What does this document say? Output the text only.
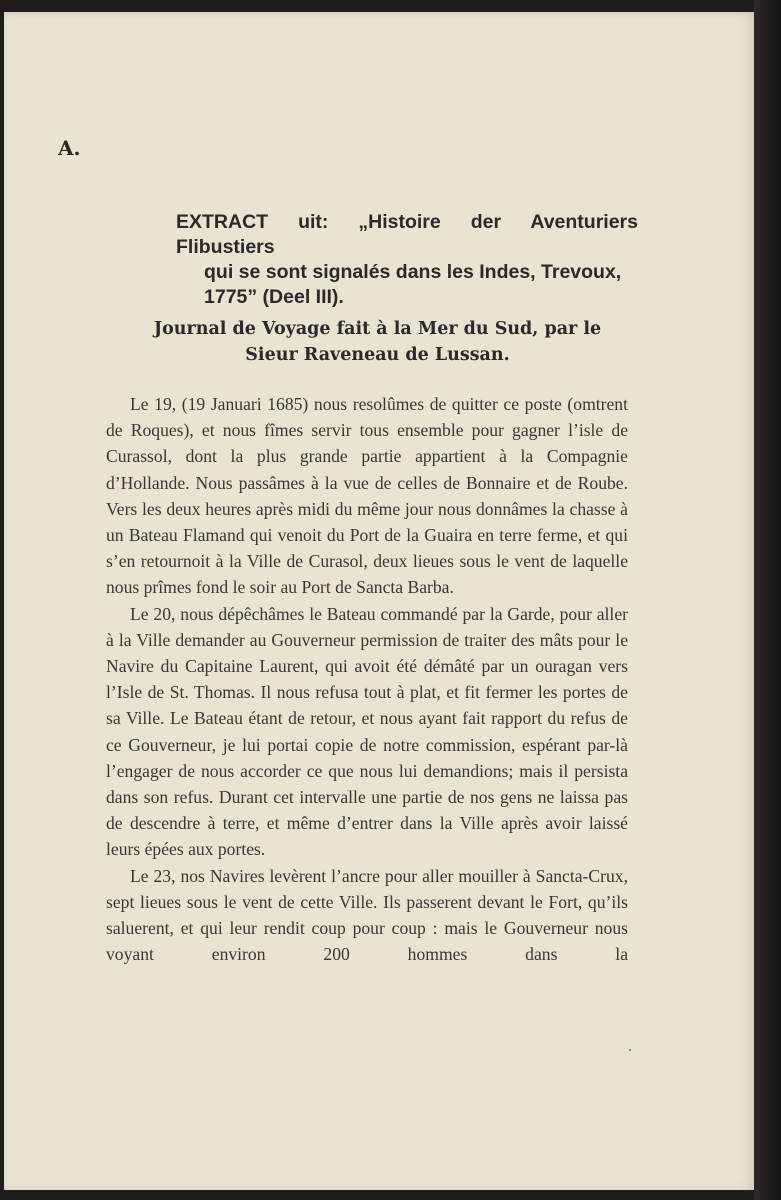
A.
EXTRACT uit: „Histoire der Aventuriers Flibustiers
qui se sont signalés dans les Indes, Trevoux,
1775” (Deel III).
Journal de Voyage fait à la Mer du Sud, par le
Sieur Raveneau de Lussan.

Le 19, (19 Januari 1685) nous resolûmes de quitter ce poste (omtrent de Roques), et nous fîmes servir tous ensemble pour gagner l’isle de Curassol, dont la plus grande partie appartient à la Compagnie d’Hollande. Nous passâmes à la vue de celles de Bonnaire et de Roube. Vers les deux heures après midi du même jour nous donnâmes la chasse à un Bateau Flamand qui venoit du Port de la Guaira en terre ferme, et qui s’en retournoit à la Ville de Curasol, deux lieues sous le vent de laquelle nous prîmes fond le soir au Port de Sancta Barba.

Le 20, nous dépêchâmes le Bateau commandé par la Garde, pour aller à la Ville demander au Gouverneur permission de traiter des mâts pour le Navire du Capitaine Laurent, qui avoit été démâté par un ouragan vers l’Isle de St. Thomas. Il nous refusa tout à plat, et fit fermer les portes de sa Ville. Le Bateau étant de retour, et nous ayant fait rapport du refus de ce Gouverneur, je lui portai copie de notre commission, espérant par-là l’engager de nous accorder ce que nous lui demandions; mais il persista dans son refus. Durant cet intervalle une partie de nos gens ne laissa pas de descendre à terre, et même d’entrer dans la Ville après avoir laissé leurs épées aux portes.

Le 23, nos Navires levèrent l’ancre pour aller mouiller à Sancta-Crux, sept lieues sous le vent de cette Ville. Ils passerent devant le Fort, qu’ils saluerent, et qui leur rendit coup pour coup : mais le Gouverneur nous voyant environ 200 hommes dans la
